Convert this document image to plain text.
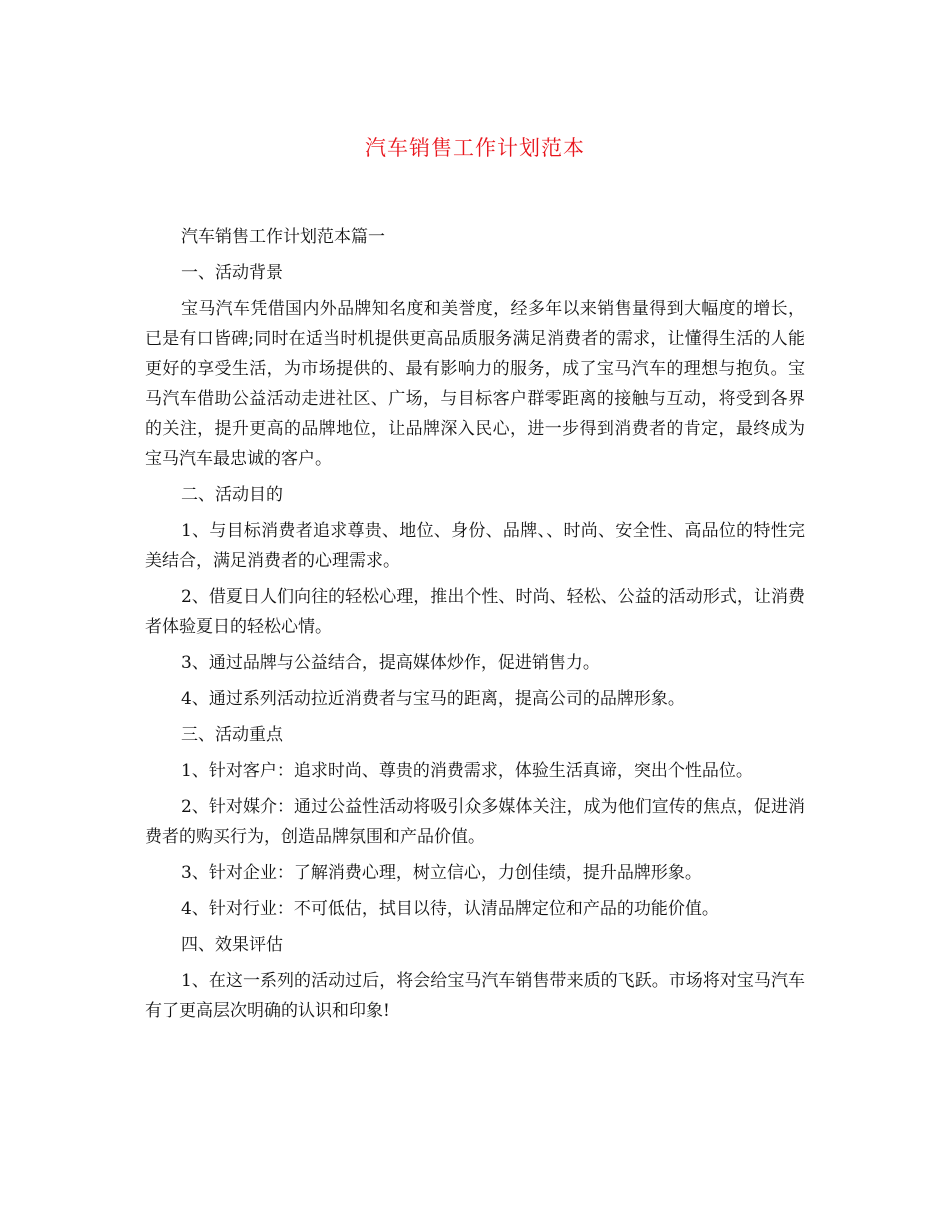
汽车销售工作计划范本

汽车销售工作计划范本篇一

一、活动背景

宝马汽车凭借国内外品牌知名度和美誉度，经多年以来销售量得到大幅度的增长，已是有口皆碑;同时在适当时机提供更高品质服务满足消费者的需求，让懂得生活的人能更好的享受生活，为市场提供的、最有影响力的服务，成了宝马汽车的理想与抱负。宝马汽车借助公益活动走进社区、广场，与目标客户群零距离的接触与互动，将受到各界的关注，提升更高的品牌地位，让品牌深入民心，进一步得到消费者的肯定，最终成为宝马汽车最忠诚的客户。

二、活动目的

1、与目标消费者追求尊贵、地位、身份、品牌、、时尚、安全性、高品位的特性完美结合，满足消费者的心理需求。

2、借夏日人们向往的轻松心理，推出个性、时尚、轻松、公益的活动形式，让消费者体验夏日的轻松心情。

3、通过品牌与公益结合，提高媒体炒作，促进销售力。

4、通过系列活动拉近消费者与宝马的距离，提高公司的品牌形象。

三、活动重点

1、针对客户：追求时尚、尊贵的消费需求，体验生活真谛，突出个性品位。

2、针对媒介：通过公益性活动将吸引众多媒体关注，成为他们宣传的焦点，促进消费者的购买行为，创造品牌氛围和产品价值。

3、针对企业：了解消费心理，树立信心，力创佳绩，提升品牌形象。

4、针对行业：不可低估，拭目以待，认清品牌定位和产品的功能价值。

四、效果评估

1、在这一系列的活动过后，将会给宝马汽车销售带来质的飞跃。市场将对宝马汽车有了更高层次明确的认识和印象!
